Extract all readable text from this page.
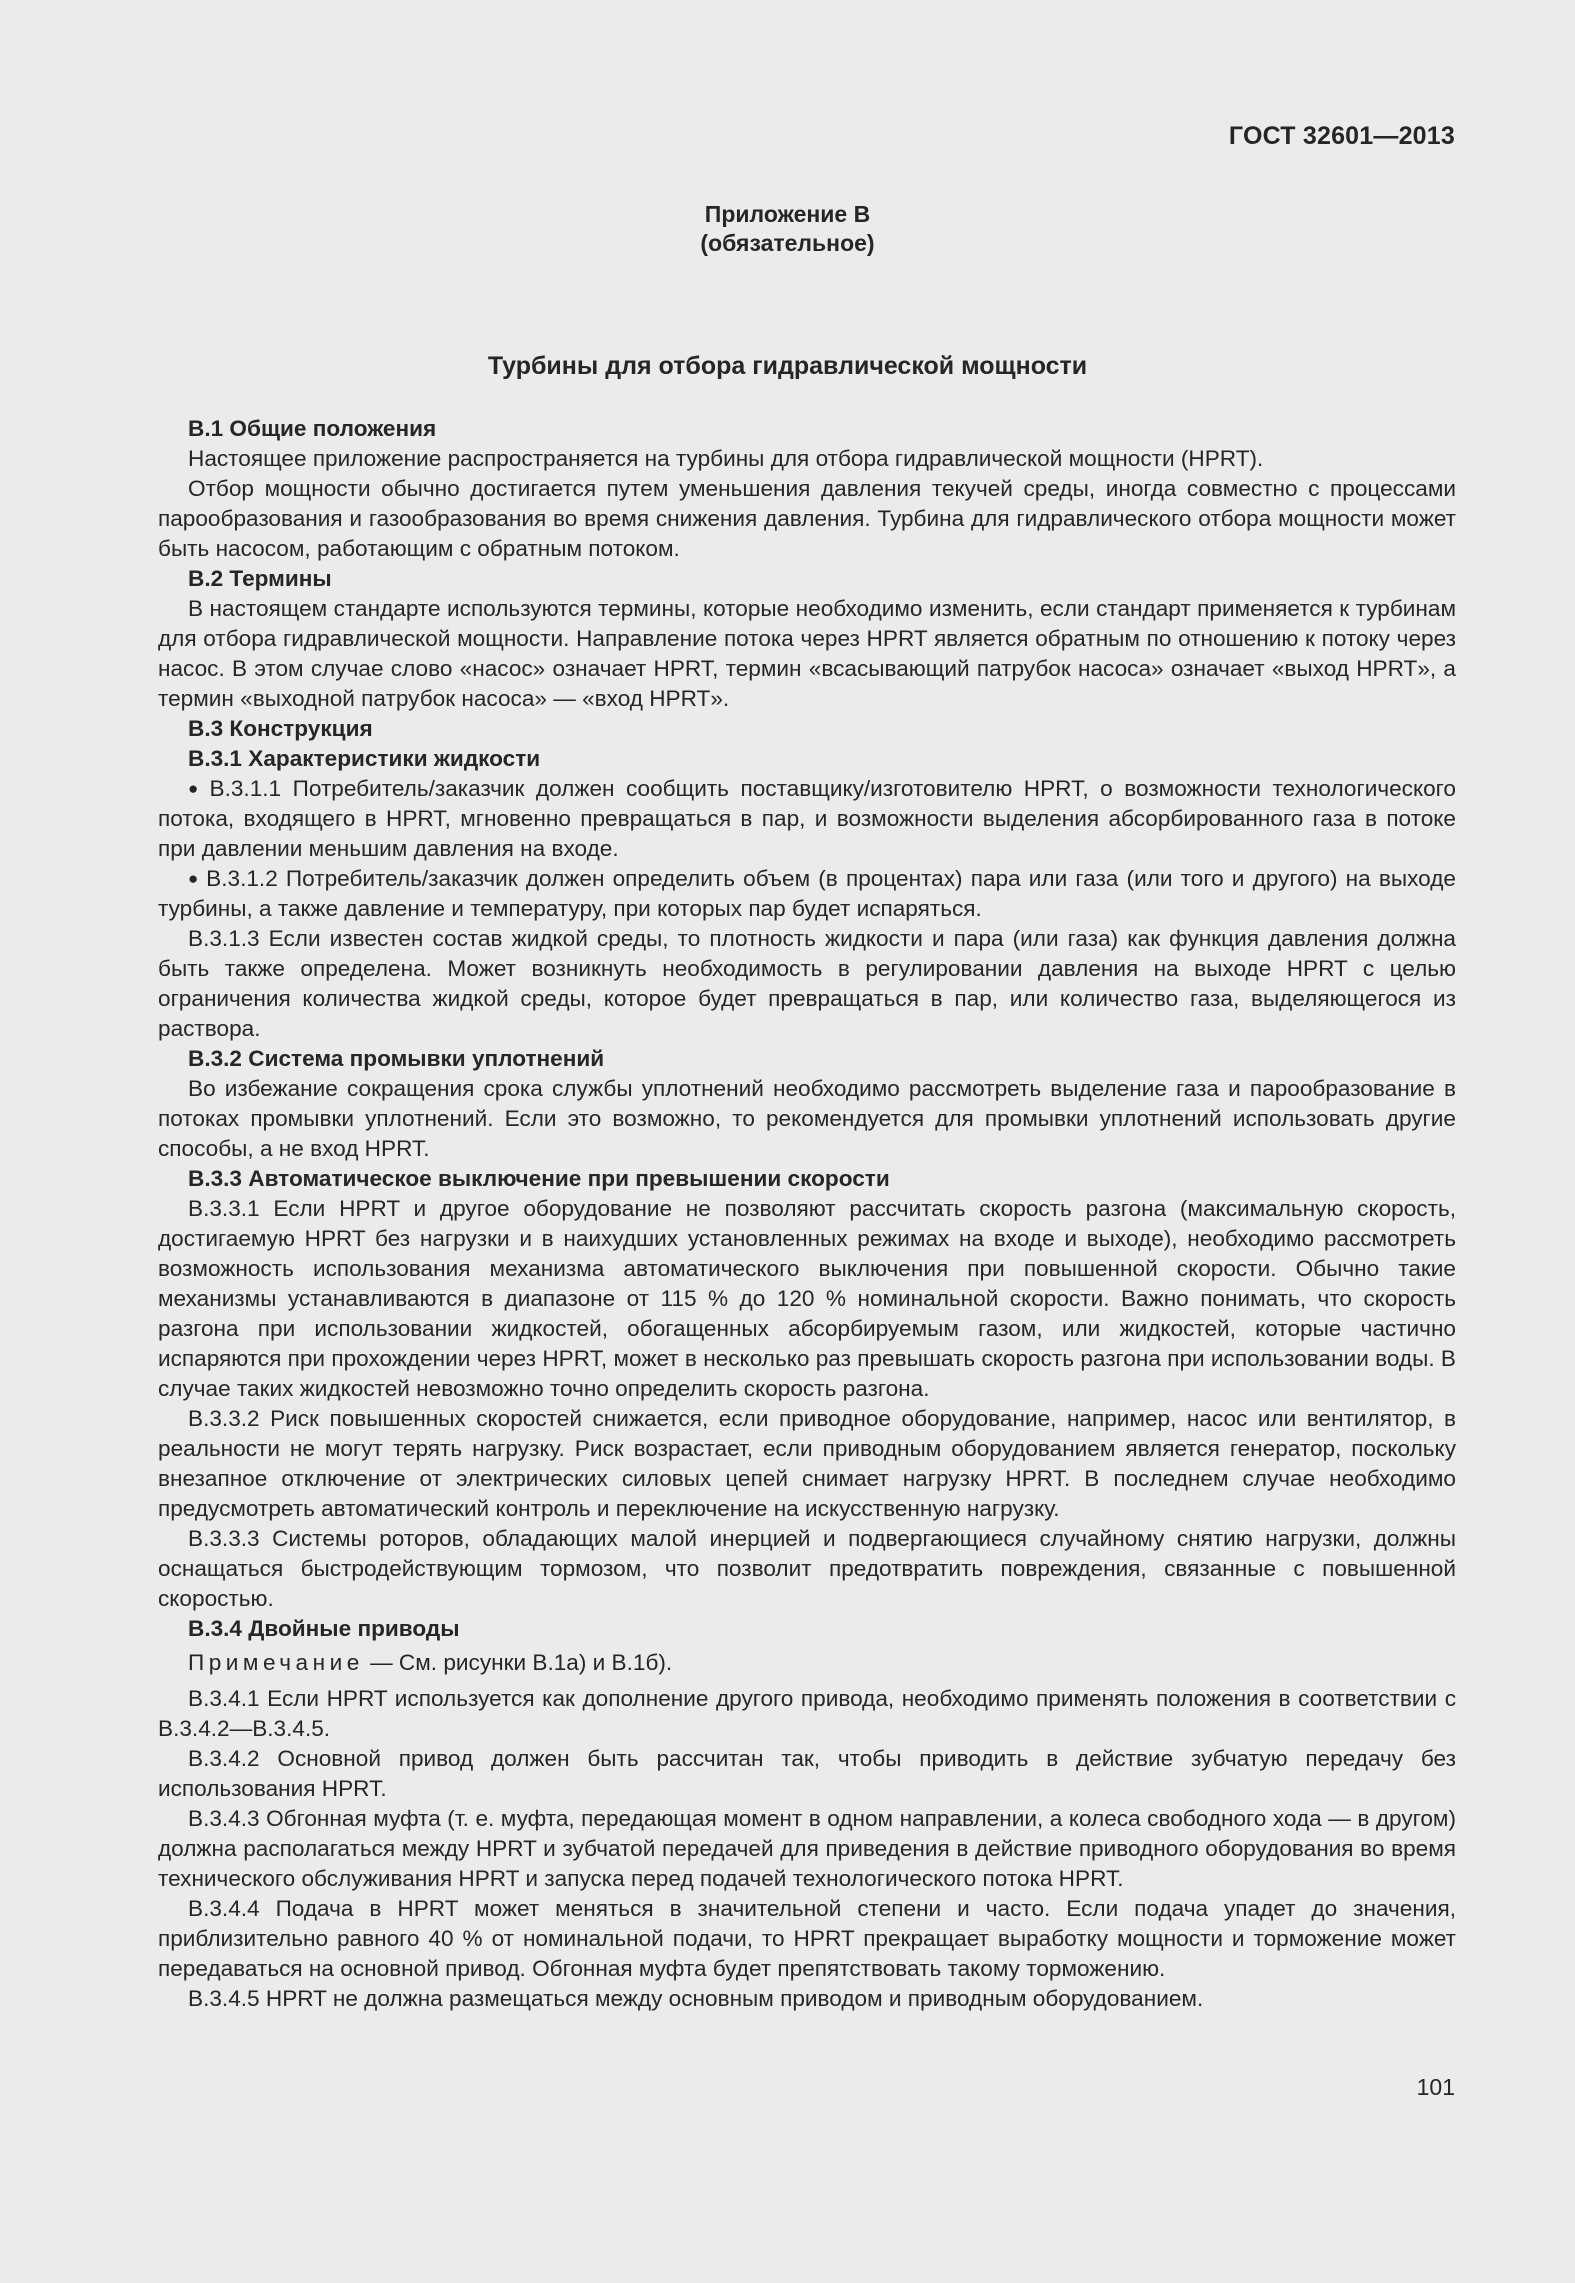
ГОСТ 32601—2013
Приложение В
(обязательное)
Турбины для отбора гидравлической мощности
В.1 Общие положения

Настоящее приложение распространяется на турбины для отбора гидравлической мощности (HPRT).

Отбор мощности обычно достигается путем уменьшения давления текучей среды, иногда совместно с процессами парообразования и газообразования во время снижения давления. Турбина для гидравлического отбора мощности может быть насосом, работающим с обратным потоком.

В.2 Термины

В настоящем стандарте используются термины, которые необходимо изменить, если стандарт применяется к турбинам для отбора гидравлической мощности. Направление потока через HPRT является обратным по отношению к потоку через насос. В этом случае слово «насос» означает HPRT, термин «всасывающий патрубок насоса» означает «выход HPRT», а термин «выходной патрубок насоса» — «вход HPRT».

В.3 Конструкция
В.3.1 Характеристики жидкости

● В.3.1.1 Потребитель/заказчик должен сообщить поставщику/изготовителю HPRT, о возможности технологического потока, входящего в HPRT, мгновенно превращаться в пар, и возможности выделения абсорбированного газа в потоке при давлении меньшим давления на входе.

● В.3.1.2 Потребитель/заказчик должен определить объем (в процентах) пара или газа (или того и другого) на выходе турбины, а также давление и температуру, при которых пар будет испаряться.

В.3.1.3 Если известен состав жидкой среды, то плотность жидкости и пара (или газа) как функция давления должна быть также определена. Может возникнуть необходимость в регулировании давления на выходе HPRT с целью ограничения количества жидкой среды, которое будет превращаться в пар, или количество газа, выделяющегося из раствора.

В.3.2 Система промывки уплотнений

Во избежание сокращения срока службы уплотнений необходимо рассмотреть выделение газа и парообразование в потоках промывки уплотнений. Если это возможно, то рекомендуется для промывки уплотнений использовать другие способы, а не вход HPRT.

В.3.3 Автоматическое выключение при превышении скорости

В.3.3.1 Если HPRT и другое оборудование не позволяют рассчитать скорость разгона (максимальную скорость, достигаемую HPRT без нагрузки и в наихудших установленных режимах на входе и выходе), необходимо рассмотреть возможность использования механизма автоматического выключения при повышенной скорости. Обычно такие механизмы устанавливаются в диапазоне от 115 % до 120 % номинальной скорости. Важно понимать, что скорость разгона при использовании жидкостей, обогащенных абсорбируемым газом, или жидкостей, которые частично испаряются при прохождении через HPRT, может в несколько раз превышать скорость разгона при использовании воды. В случае таких жидкостей невозможно точно определить скорость разгона.

В.3.3.2 Риск повышенных скоростей снижается, если приводное оборудование, например, насос или вентилятор, в реальности не могут терять нагрузку. Риск возрастает, если приводным оборудованием является генератор, поскольку внезапное отключение от электрических силовых цепей снимает нагрузку HPRT. В последнем случае необходимо предусмотреть автоматический контроль и переключение на искусственную нагрузку.

В.3.3.3 Системы роторов, обладающих малой инерцией и подвергающиеся случайному снятию нагрузки, должны оснащаться быстродействующим тормозом, что позволит предотвратить повреждения, связанные с повышенной скоростью.

В.3.4 Двойные приводы

Примечание — См. рисунки В.1а) и В.1б).

В.3.4.1 Если HPRT используется как дополнение другого привода, необходимо применять положения в соответствии с В.3.4.2—В.3.4.5.

В.3.4.2 Основной привод должен быть рассчитан так, чтобы приводить в действие зубчатую передачу без использования HPRT.

В.3.4.3 Обгонная муфта (т. е. муфта, передающая момент в одном направлении, а колеса свободного хода — в другом) должна располагаться между HPRT и зубчатой передачей для приведения в действие приводного оборудования во время технического обслуживания HPRT и запуска перед подачей технологического потока HPRT.

В.3.4.4 Подача в HPRT может меняться в значительной степени и часто. Если подача упадет до значения, приблизительно равного 40 % от номинальной подачи, то HPRT прекращает выработку мощности и торможение может передаваться на основной привод. Обгонная муфта будет препятствовать такому торможению.

В.3.4.5 HPRT не должна размещаться между основным приводом и приводным оборудованием.

101
